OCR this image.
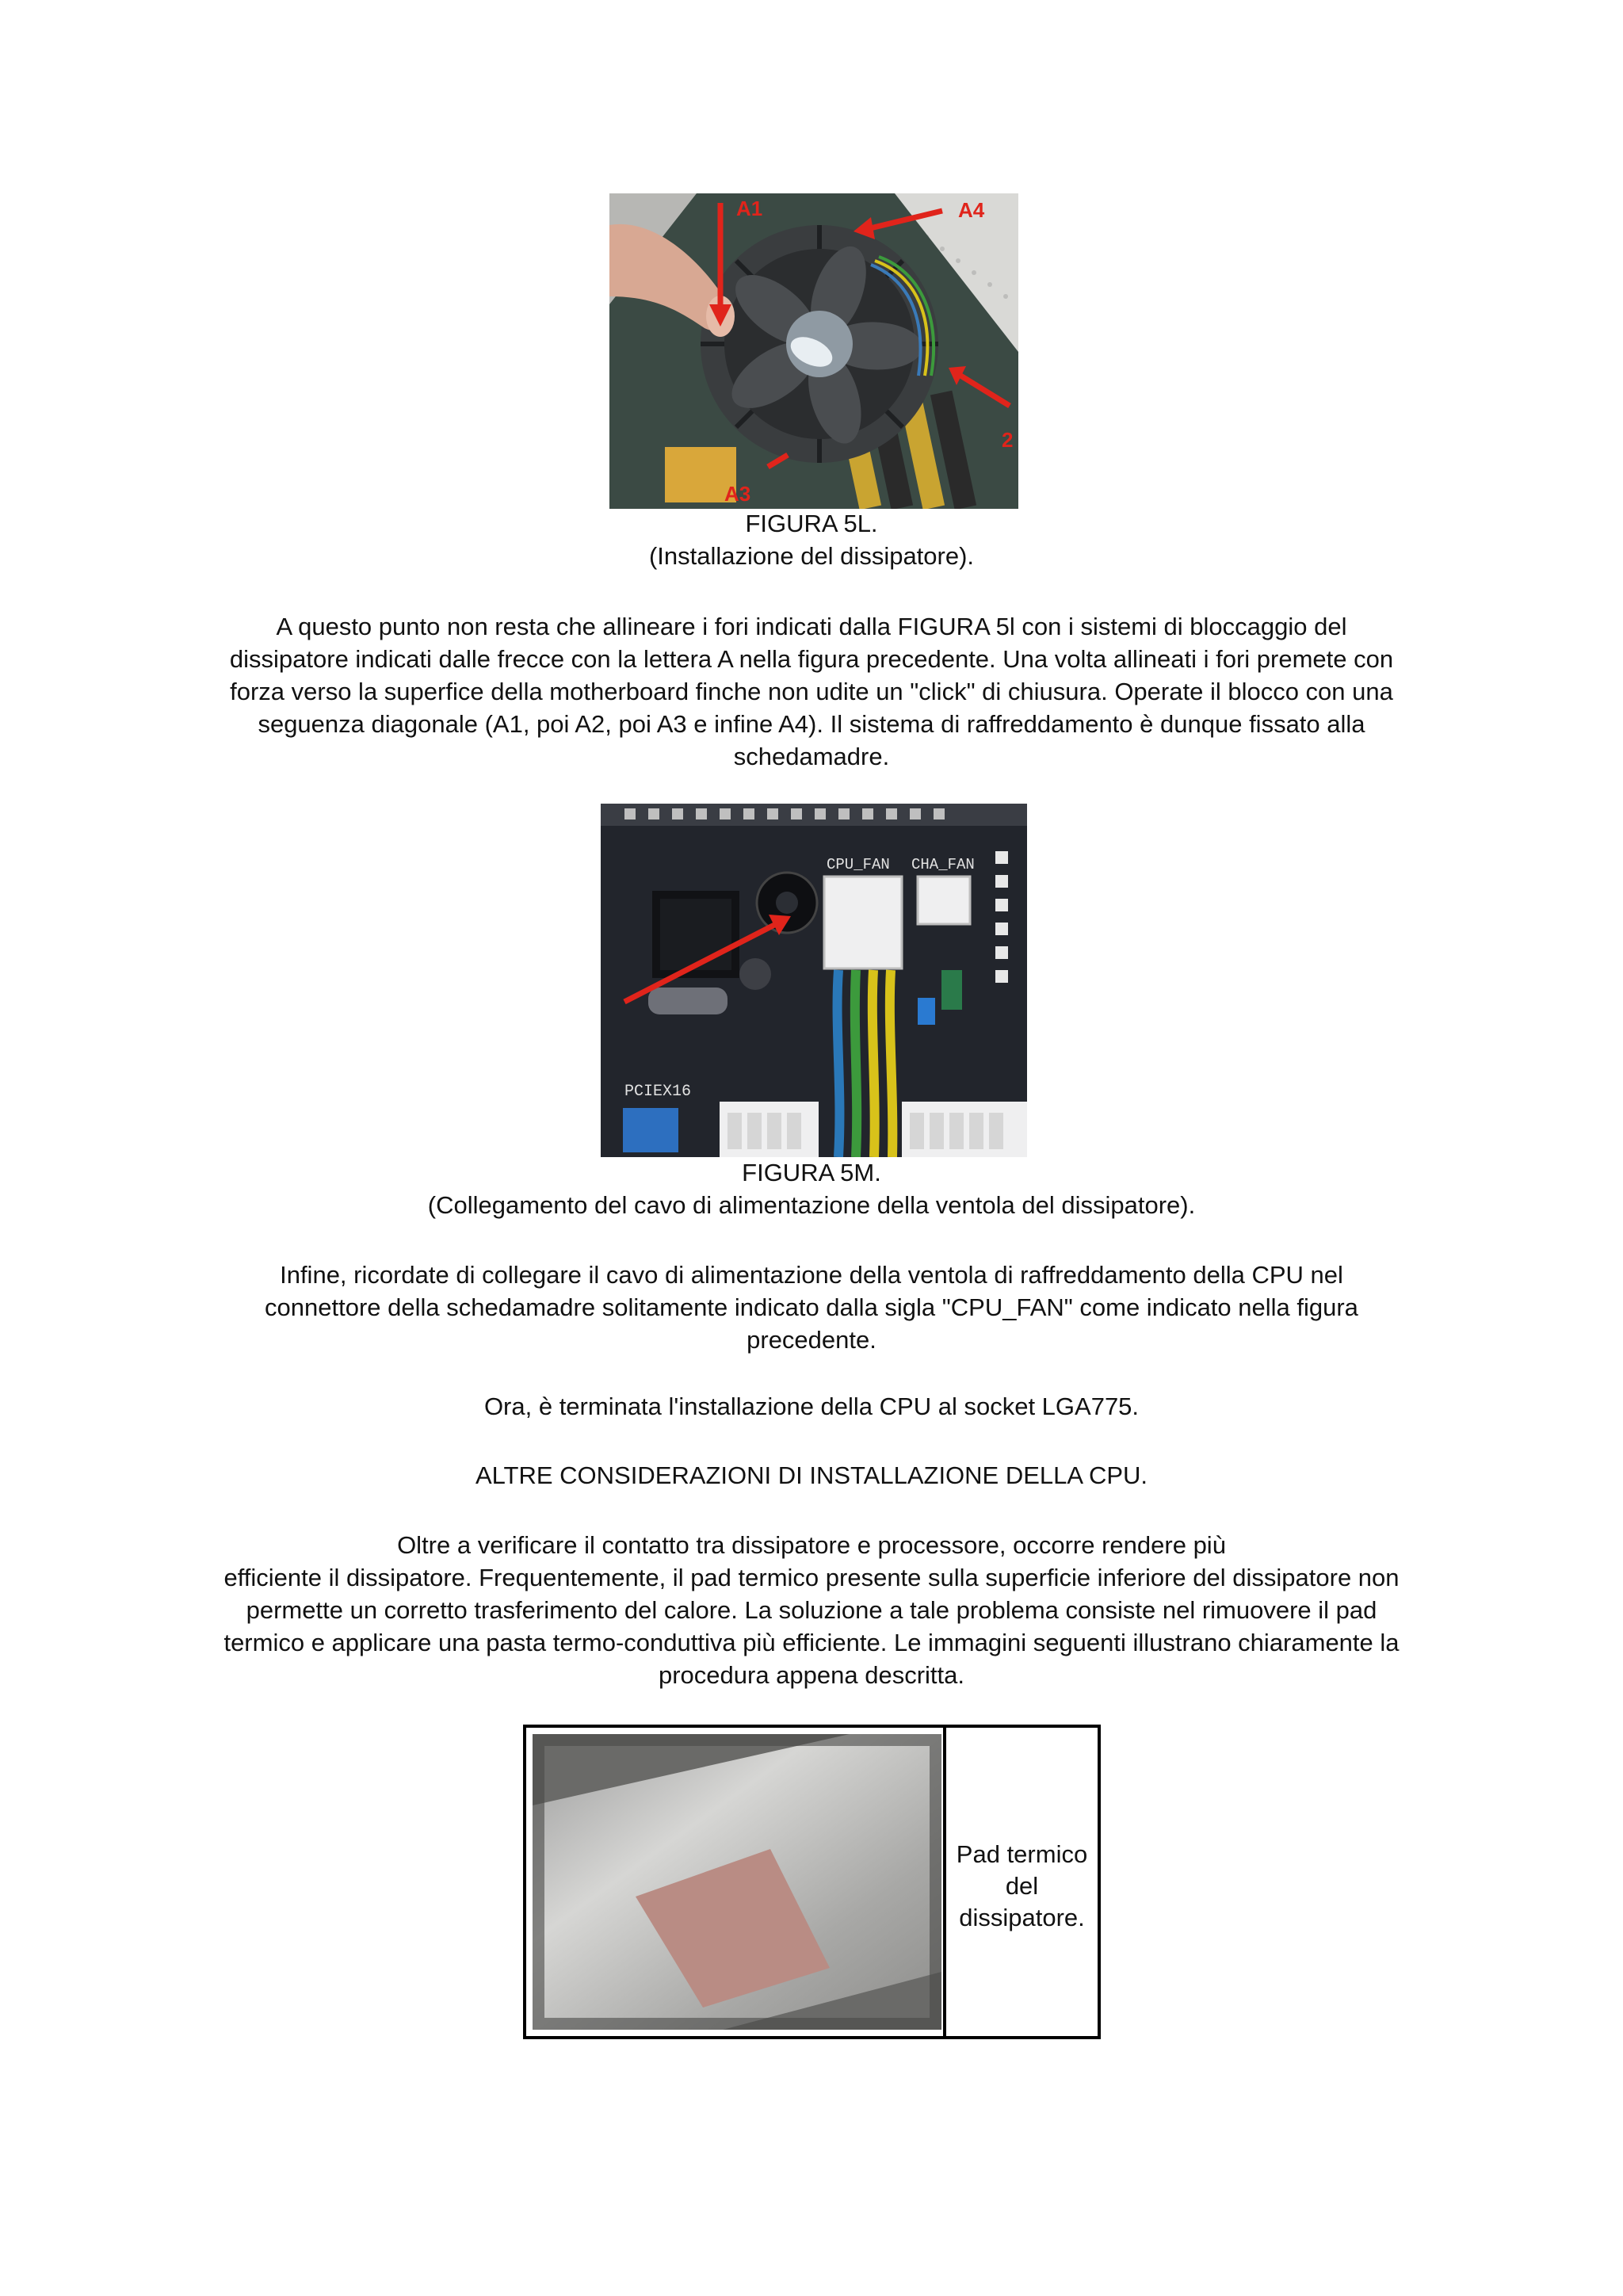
A1	A4
A3
2
FIGURA 5L.
(Installazione del dissipatore).
A questo punto non resta che allineare i fori indicati dalla FIGURA 5l con i sistemi di bloccaggio del
dissipatore indicati dalle frecce con la lettera A nella figura precedente. Una volta allineati i fori premete con
forza verso la superfice della motherboard finche non udite un "click" di chiusura. Operate il blocco con una
seguenza diagonale (A1, poi A2, poi A3 e infine A4). Il sistema di raffreddamento è dunque fissato alla
schedamadre.
PCIEX16
CPU_FAN CHA_FAN
FIGURA 5M.
(Collegamento del cavo di alimentazione della ventola del dissipatore).
Infine, ricordate di collegare il cavo di alimentazione della ventola di raffreddamento della CPU nel
connettore della schedamadre solitamente indicato dalla sigla "CPU_FAN" come indicato nella figura
precedente.
Ora, è terminata l'installazione della CPU al socket LGA775.
ALTRE CONSIDERAZIONI DI INSTALLAZIONE DELLA CPU.
Oltre a verificare il contatto tra dissipatore e processore, occorre rendere più
efficiente il dissipatore. Frequentemente, il pad termico presente sulla superficie inferiore del dissipatore non
permette un corretto trasferimento del calore. La soluzione a tale problema consiste nel rimuovere il pad
termico e applicare una pasta termo-conduttiva più efficiente. Le immagini seguenti illustrano chiaramente la
procedura appena descritta.
Pad termico
del
dissipatore.
